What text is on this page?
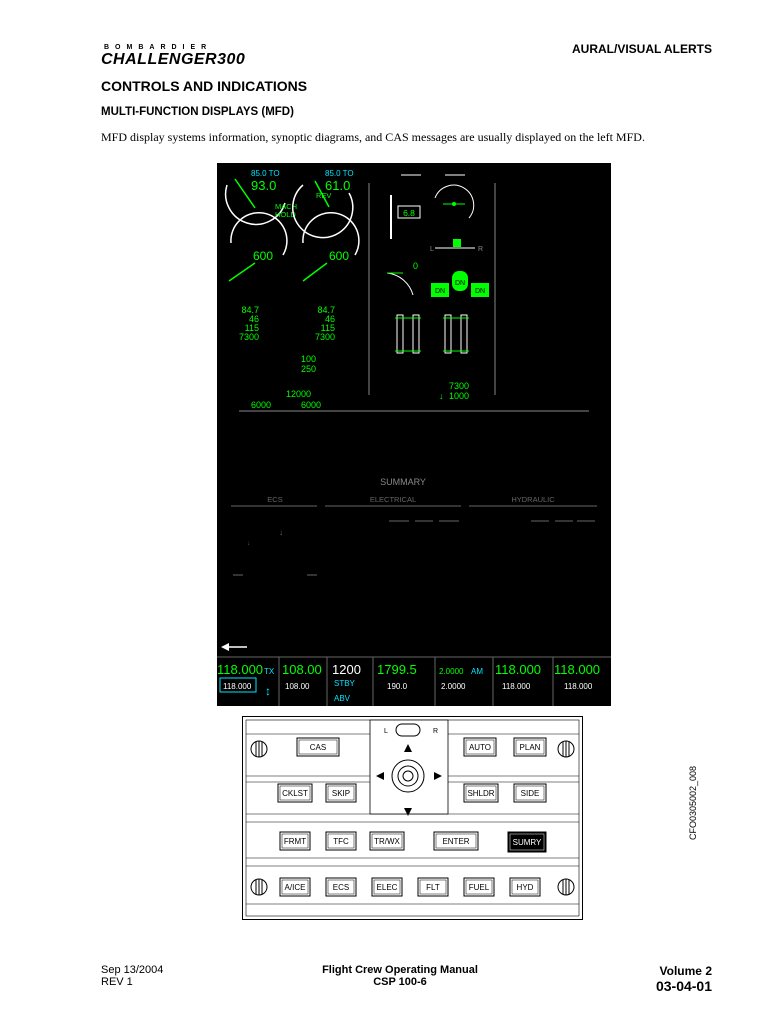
BOMBARDIER
CHALLENGER300
AURAL/VISUAL ALERTS
CONTROLS AND INDICATIONS
MULTI-FUNCTION DISPLAYS (MFD)
MFD display systems information, synoptic diagrams, and CAS messages are usually displayed on the left MFD.
85.0 TO
93.0
MACH
HOLD
85.0 TO
61.0
REV
600	600
84.7
46
115
7300
84.7
46
115
7300
100
250
12000
6000	6000
6.8
L	R
0
DN
DN	DN
7300
↓ 1000
SUMMARY
ECS	ELECTRICAL	HYDRAULIC
↓
↓
118.000 TX
118.000 ↕
108.00
108.00
1200
STBY
ABV
1799.5
190.0
2.0000 AM
2.0000
118.000
118.000
118.000
118.000
L	R
CAS	AUTO	PLAN
CKLST	SKIP	SHLDR	SIDE
FRMT	TFC	TR/WX	ENTER	SUMRY
A/ICE	ECS	ELEC	FLT	FUEL	HYD
CFO0305002_008
Sep 13/2004
REV 1
Flight Crew Operating Manual
CSP 100-6
Volume 2
03-04-01
